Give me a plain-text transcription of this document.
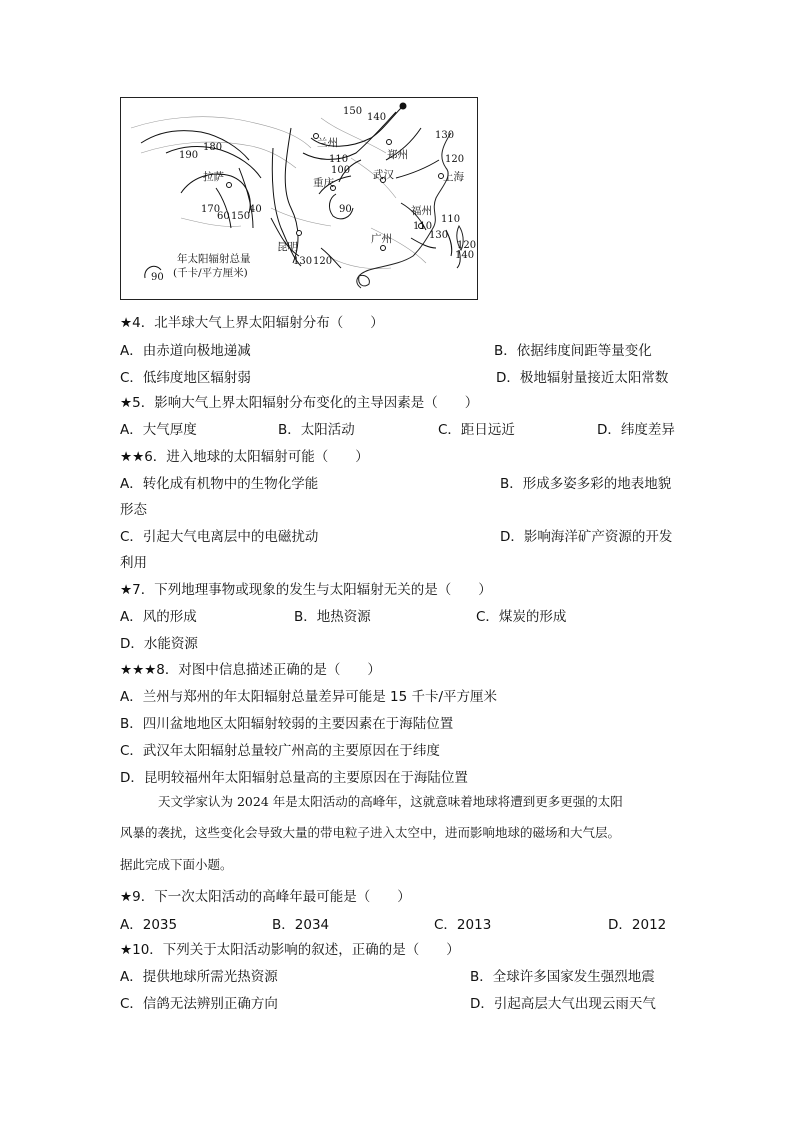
150
140
130
120
190
180
110
100
90
170
60 150
40
130 120
110
130
120
140
110
兰州
郑州
拉萨	重庆
武汉	上海
福州
昆明
广州
90
年太阳辐射总量
(千卡/平方厘米)
★4．北半球大气上界太阳辐射分布（　　）
A．由赤道向极地递减	B．依据纬度间距等量变化
C．低纬度地区辐射弱	D．极地辐射量接近太阳常数
★5．影响大气上界太阳辐射分布变化的主导因素是（　　）
A．大气厚度	B．太阳活动	C．距日远近	D．纬度差异
★★6．进入地球的太阳辐射可能（　　）
A．转化成有机物中的生物化学能	B．形成多姿多彩的地表地貌
形态
C．引起大气电离层中的电磁扰动	D．影响海洋矿产资源的开发
利用
★7．下列地理事物或现象的发生与太阳辐射无关的是（　　）
A．风的形成	B．地热资源	C．煤炭的形成
D．水能资源
★★★8．对图中信息描述正确的是（　　）
A．兰州与郑州的年太阳辐射总量差异可能是 15 千卡/平方厘米
B．四川盆地地区太阳辐射较弱的主要因素在于海陆位置
C．武汉年太阳辐射总量较广州高的主要原因在于纬度
D．昆明较福州年太阳辐射总量高的主要原因在于海陆位置
天文学家认为 2024 年是太阳活动的高峰年，这就意味着地球将遭到更多更强的太阳
风暴的袭扰，这些变化会导致大量的带电粒子进入太空中，进而影响地球的磁场和大气层。
据此完成下面小题。
★9．下一次太阳活动的高峰年最可能是（　　）
A．2035	B．2034	C．2013	D．2012
★10．下列关于太阳活动影响的叙述，正确的是（　　）
A．提供地球所需光热资源	B．全球许多国家发生强烈地震
C．信鸽无法辨别正确方向	D．引起高层大气出现云雨天气
